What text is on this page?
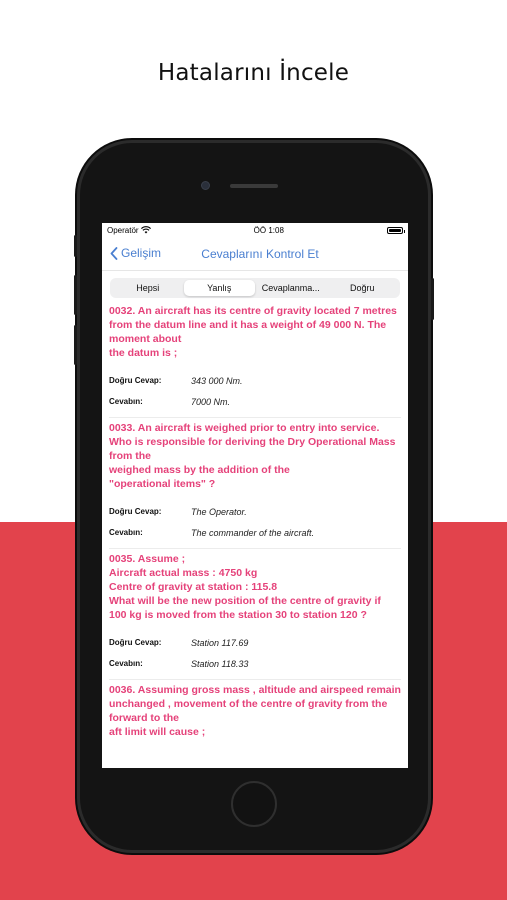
Hatalarını İncele
Operatör	ÖÖ 1:08
Gelişim	Cevaplarını Kontrol Et
Hepsi	Yanlış	Cevaplanma...	Doğru
0032. An aircraft has its centre of gravity located 7 metres from the datum line and it has a weight of 49 000 N. The moment about
the datum is ;
Doğru Cevap:	343 000 Nm.
Cevabın:	7000 Nm.
0033. An aircraft is weighed prior to entry into service. Who is responsible for deriving the Dry Operational Mass from the
weighed mass by the addition of the
"operational items" ?
Doğru Cevap:	The Operator.
Cevabın:	The commander of the aircraft.
0035. Assume ;
Aircraft actual mass : 4750 kg
Centre of gravity at station : 115.8
What will be the new position of the centre of gravity if 100 kg is moved from the station 30 to station 120 ?
Doğru Cevap:	Station 117.69
Cevabın:	Station 118.33
0036. Assuming gross mass , altitude and airspeed remain unchanged , movement of the centre of gravity from the forward to the
aft limit will cause ;
